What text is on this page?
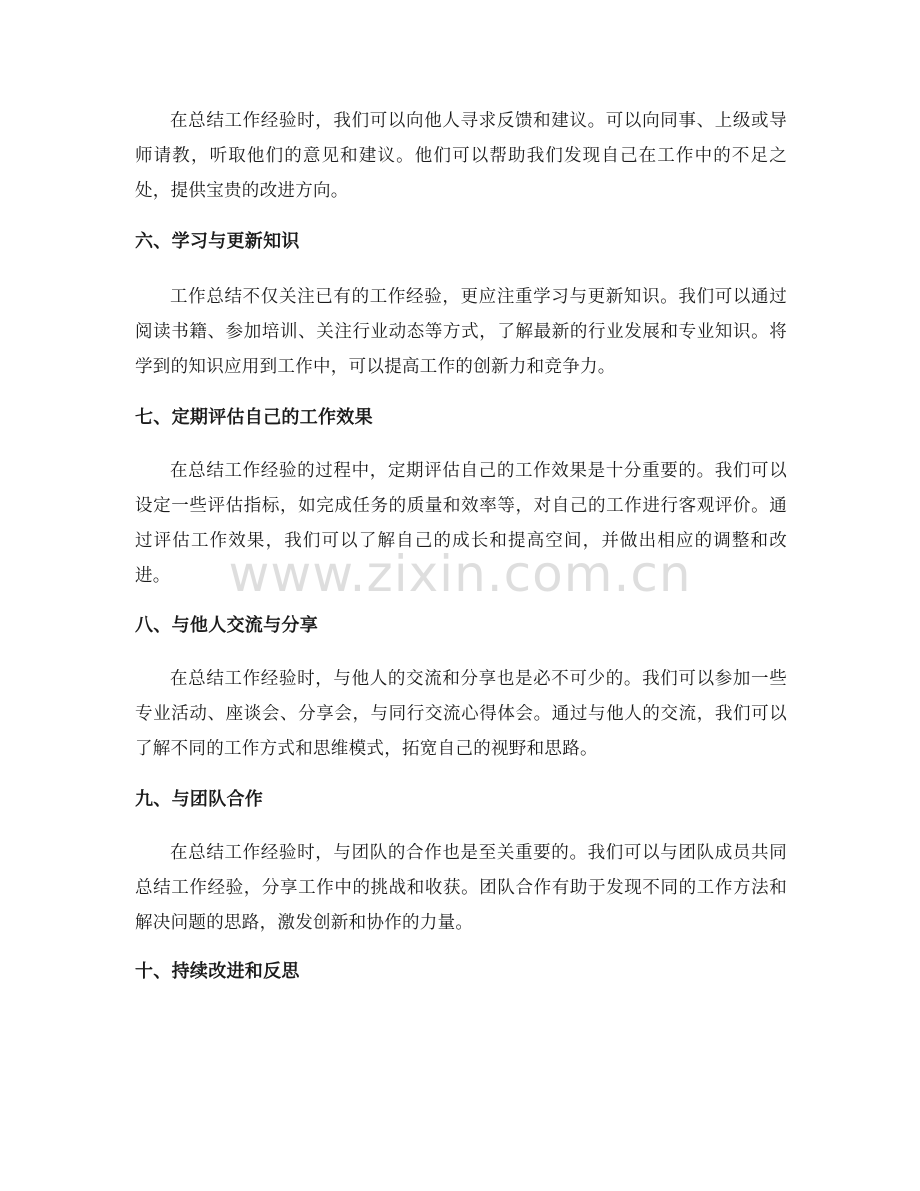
在总结工作经验时，我们可以向他人寻求反馈和建议。可以向同事、上级或导师请教，听取他们的意见和建议。他们可以帮助我们发现自己在工作中的不足之处，提供宝贵的改进方向。

六、学习与更新知识

工作总结不仅关注已有的工作经验，更应注重学习与更新知识。我们可以通过阅读书籍、参加培训、关注行业动态等方式，了解最新的行业发展和专业知识。将学到的知识应用到工作中，可以提高工作的创新力和竞争力。

七、定期评估自己的工作效果

在总结工作经验的过程中，定期评估自己的工作效果是十分重要的。我们可以设定一些评估指标，如完成任务的质量和效率等，对自己的工作进行客观评价。通过评估工作效果，我们可以了解自己的成长和提高空间，并做出相应的调整和改进。

八、与他人交流与分享

在总结工作经验时，与他人的交流和分享也是必不可少的。我们可以参加一些专业活动、座谈会、分享会，与同行交流心得体会。通过与他人的交流，我们可以了解不同的工作方式和思维模式，拓宽自己的视野和思路。

九、与团队合作

在总结工作经验时，与团队的合作也是至关重要的。我们可以与团队成员共同总结工作经验，分享工作中的挑战和收获。团队合作有助于发现不同的工作方法和解决问题的思路，激发创新和协作的力量。

十、持续改进和反思
www.zixin.com.cn
